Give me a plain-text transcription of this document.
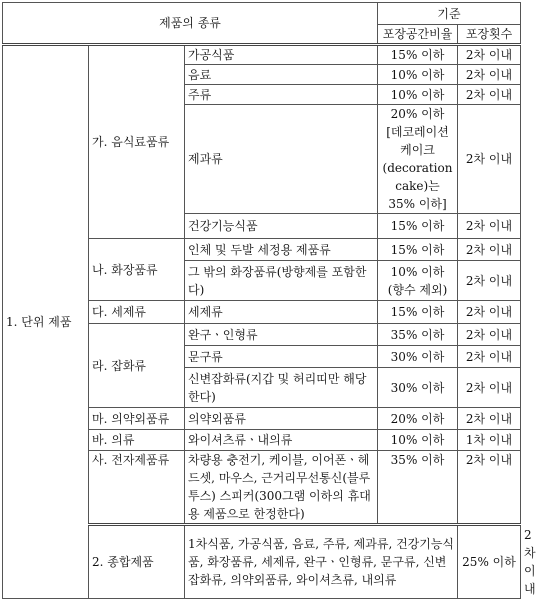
제품의 종류			기준		
			포장공간비율	포장횟수	
1. 단위 제품	가. 음식료품류	가공식품	15% 이하	2차 이내	
		음료	10% 이하	2차 이내	
		주류	10% 이하	2차 이내	
		제과류	20% 이하 [데코레이션 케이크 (decoration cake)는 35% 이하]	2차 이내	
		건강기능식품	15% 이하	2차 이내	
	나. 화장품류	인체 및 두발 세정용 제품류	15% 이하	2차 이내	
		그 밖의 화장품류(방향제를 포함한다)	10% 이하 (향수 제외)	2차 이내	
	다. 세제류	세제류	15% 이하	2차 이내	
	라. 잡화류	완구ㆍ인형류	35% 이하	2차 이내	
		문구류	30% 이하	2차 이내	
		신변잡화류(지갑 및 허리띠만 해당한다)	30% 이하	2차 이내	
	마. 의약외품류	의약외품류	20% 이하	2차 이내	
	바. 의류	와이셔츠류ㆍ내의류	10% 이하	1차 이내	
	사. 전자제품류	차량용 충전기, 케이블, 이어폰ㆍ헤드셋, 마우스, 근거리무선통신(블루투스) 스피커(300그램 이하의 휴대용 제품으로 한정한다)	35% 이하	2차 이내	
	2. 종합제품	1차식품, 가공식품, 음료, 주류, 제과류, 건강기능식품, 화장품류, 세제류, 완구ㆍ인형류, 문구류, 신변잡화류, 의약외품류, 와이셔츠류, 내의류		25% 이하	2차 이내
